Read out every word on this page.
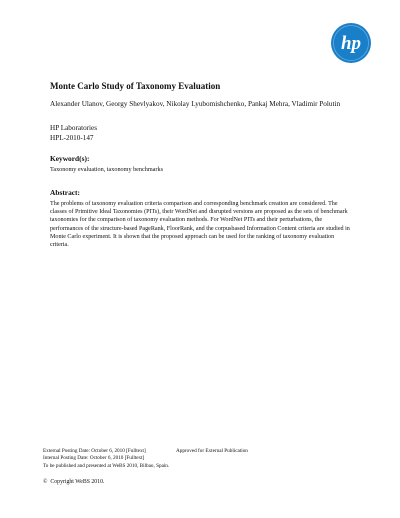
hp
Monte Carlo Study of Taxonomy Evaluation
Alexander Ulanov, Georgy Shevlyakov, Nikolay Lyubomishchenko, Pankaj Mehra, Vladimir Polutin
HP Laboratories
HPL-2010-147
Keyword(s):
Taxonomy evaluation, taxonomy benchmarks
Abstract:
The problems of taxonomy evaluation criteria comparison and corresponding benchmark creation are considered. The classes of Primitive Ideal Taxonomies (PITs), their WordNet and disrupted versions are proposed as the sets of benchmark taxonomies for the comparison of taxonomy evaluation methods. For WordNet PITs and their perturbations, the performances of the structure-based PageRank, FloorRank, and the corpusbased Information Content criteria are studied in Monte Carlo experiment. It is shown that the proposed approach can be used for the ranking of taxonomy evaluation criteria.
External Posting Date: October 6, 2010 [Fulltext]	Approved for External Publication
Internal Posting Date: October 6, 2010 [Fulltext]
To be published and presented at WeBS 2010, Bilbao, Spain.
© Copyright WeBS 2010.
